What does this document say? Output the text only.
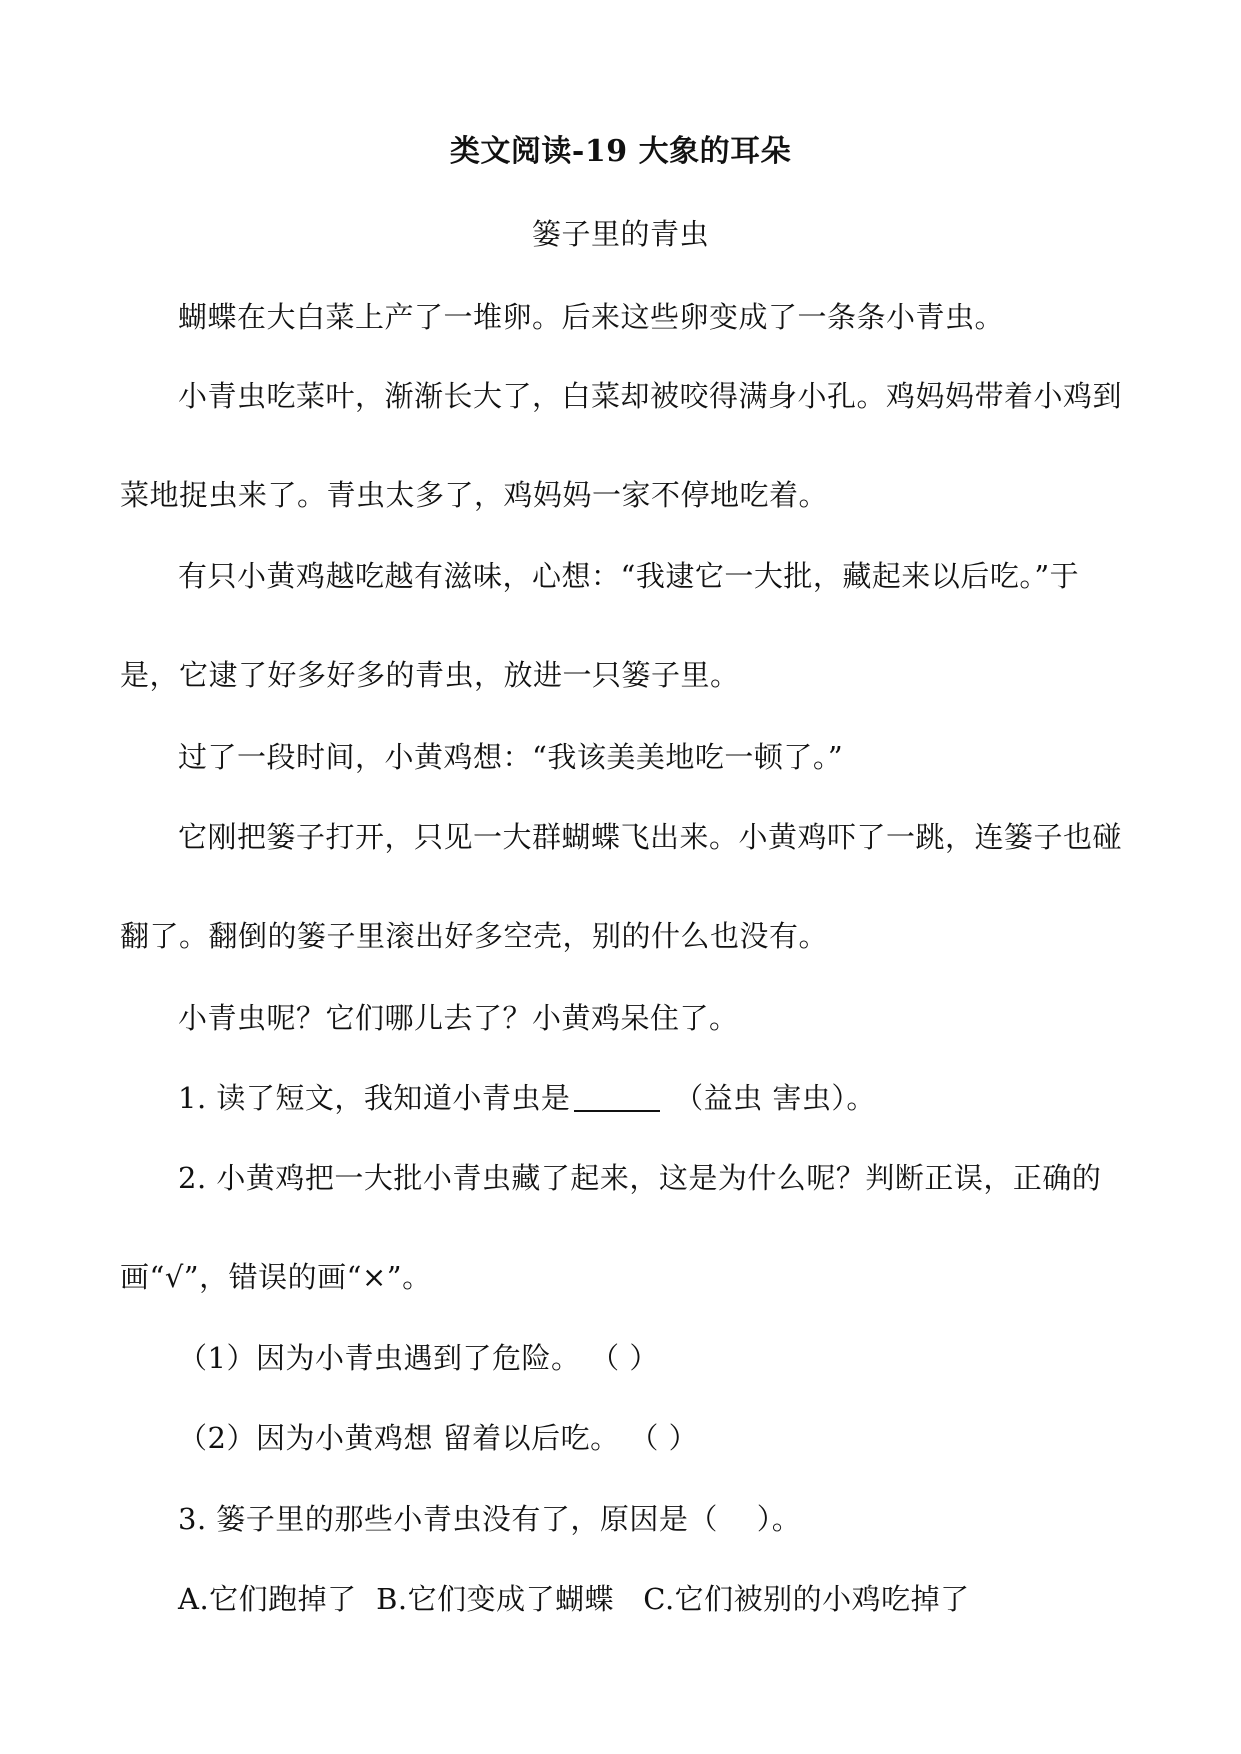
类文阅读-19 大象的耳朵
篓子里的青虫
蝴蝶在大白菜上产了一堆卵。后来这些卵变成了一条条小青虫。
小青虫吃菜叶，渐渐长大了，白菜却被咬得满身小孔。鸡妈妈带着小鸡到
菜地捉虫来了。青虫太多了，鸡妈妈一家不停地吃着。
有只小黄鸡越吃越有滋味，心想：“我逮它一大批，藏起来以后吃。”于
是，它逮了好多好多的青虫，放进一只篓子里。
过了一段时间，小黄鸡想：“我该美美地吃一顿了。”
它刚把篓子打开，只见一大群蝴蝶飞出来。小黄鸡吓了一跳，连篓子也碰
翻了。翻倒的篓子里滚出好多空壳，别的什么也没有。
小青虫呢？它们哪儿去了？小黄鸡呆住了。
1. 读了短文，我知道小青虫是	（益虫 害虫）。
2. 小黄鸡把一大批小青虫藏了起来，这是为什么呢？判断正误，正确的
画“√”，错误的画“×”。
（1）因为小青虫遇到了危险。 （ ）
（2）因为小黄鸡想 留着以后吃。 （ ）
3. 篓子里的那些小青虫没有了，原因是（    ）。
A.它们跑掉了  B.它们变成了蝴蝶   C.它们被别的小鸡吃掉了
